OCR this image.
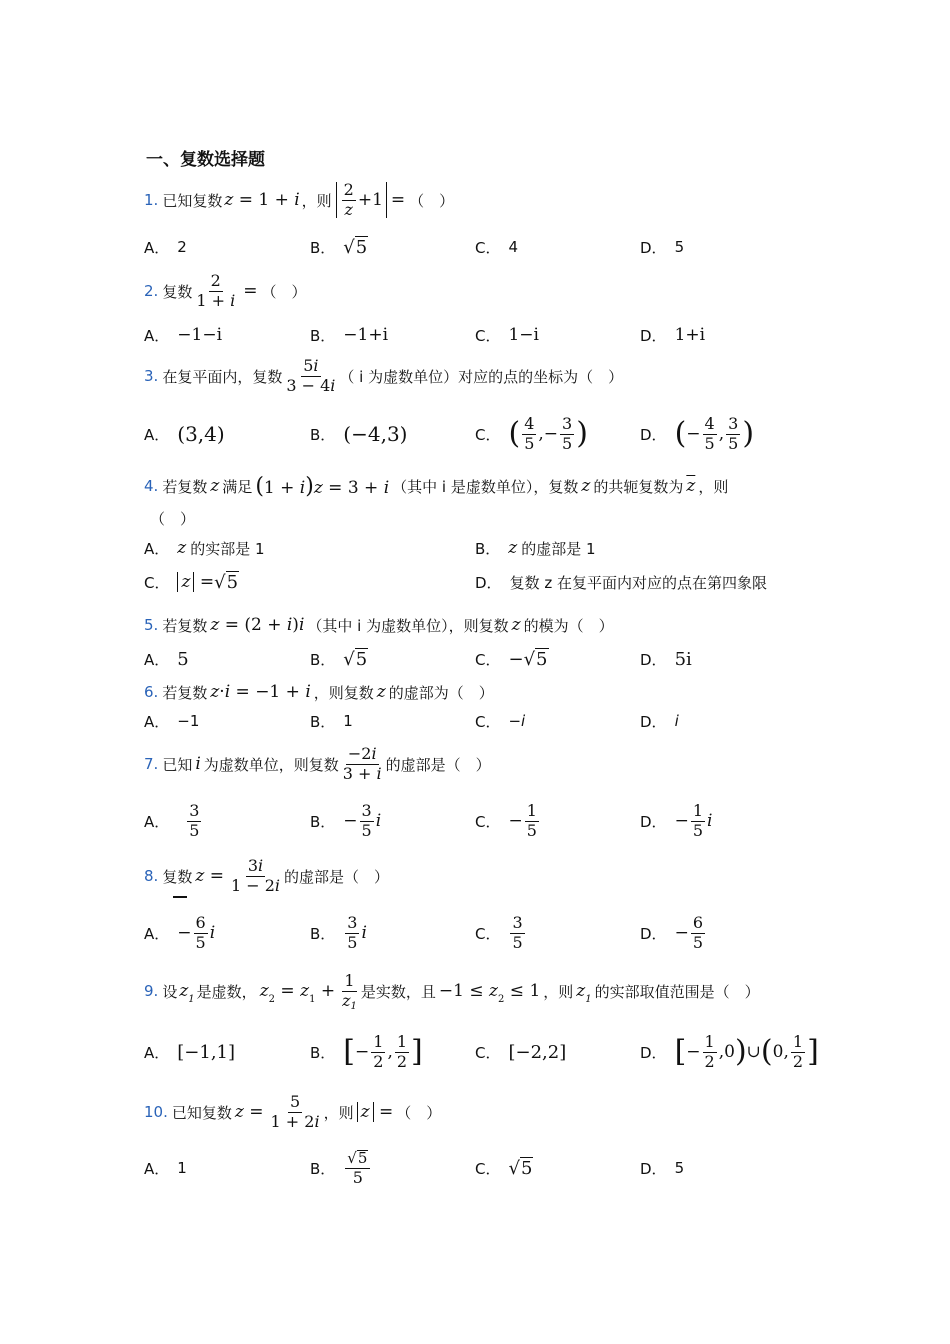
一、复数选择题
1. 已知复数 z = 1 + i ，则 $\frac{2}{z} +1$ = （　）
A． 2	B． √ 5	C． 4	D． 5
2. 复数 $\frac{2}{1 + i}$ = （　）
A． −1−i	B． −1+i	C． 1−i	D． 1+i
3. 在复平面内，复数 $\frac{5i}{3 - 4i}$ （ i 为虚数单位）对应的点的坐标为（　）
A． (3,4)	B． (−4,3)	C． ( $\frac{4}{5}$ ,− $\frac{3}{5}$ )	D． ( − $\frac{4}{5}$ , $\frac{3}{5}$ )
4. 若复数 z 满足 (1 + i)z = 3 + i （其中 i 是虚数单位），复数 z 的共轭复数为 $\overline{z}$ ，则
（　）
A． z 的实部是 1	B． z 的虚部是 1
C． z = √ 5	D． 复数 z 在复平面内对应的点在第四象限
5. 若复数 z = (2 + i)i （其中 i 为虚数单位），则复数 z 的模为（　）
A． 5	B． √ 5	C． −√ 5	D． 5i
6. 若复数 z·i = −1 + i ，则复数 z 的虚部为（　）
A． −1	B． 1	C． −i	D． i
7. 已知 i 为虚数单位，则复数 $\frac{-2i}{3 + i}$ 的虚部是（　）
A． $\frac{3}{5}$	B． − $\frac{3}{5}$ i	C． − $\frac{1}{5}$	D． − $\frac{1}{5}$ i
8. 复数 $z = \frac{3i}{1 - 2i}$ 的虚部是（　）
A． − $\frac{6}{5}$ i	B． $\frac{3}{5}$ i	C． $\frac{3}{5}$	D． − $\frac{6}{5}$
9. 设 $z_1$ 是虚数， $z_2 = z_1 + \frac{1}{z1}$ 是实数，且 $-1 \le z_2 \le 1$ ，则 $z_1$ 的实部取值范围是（　）
A． [−1,1]	B． [ − $\frac{1}{2}$ , $\frac{1}{2}$ ]	C． [−2,2]	D． [ − $\frac{1}{2} ,0$ ) ∪ ( 0, $\frac{1}{2}$ ]
10. 已知复数 $z = \frac{5}{1 + 2i}$ ，则 z = （　）
A． 1	B． $\frac{√ 5}{5}$	C． √ 5	D． 5
